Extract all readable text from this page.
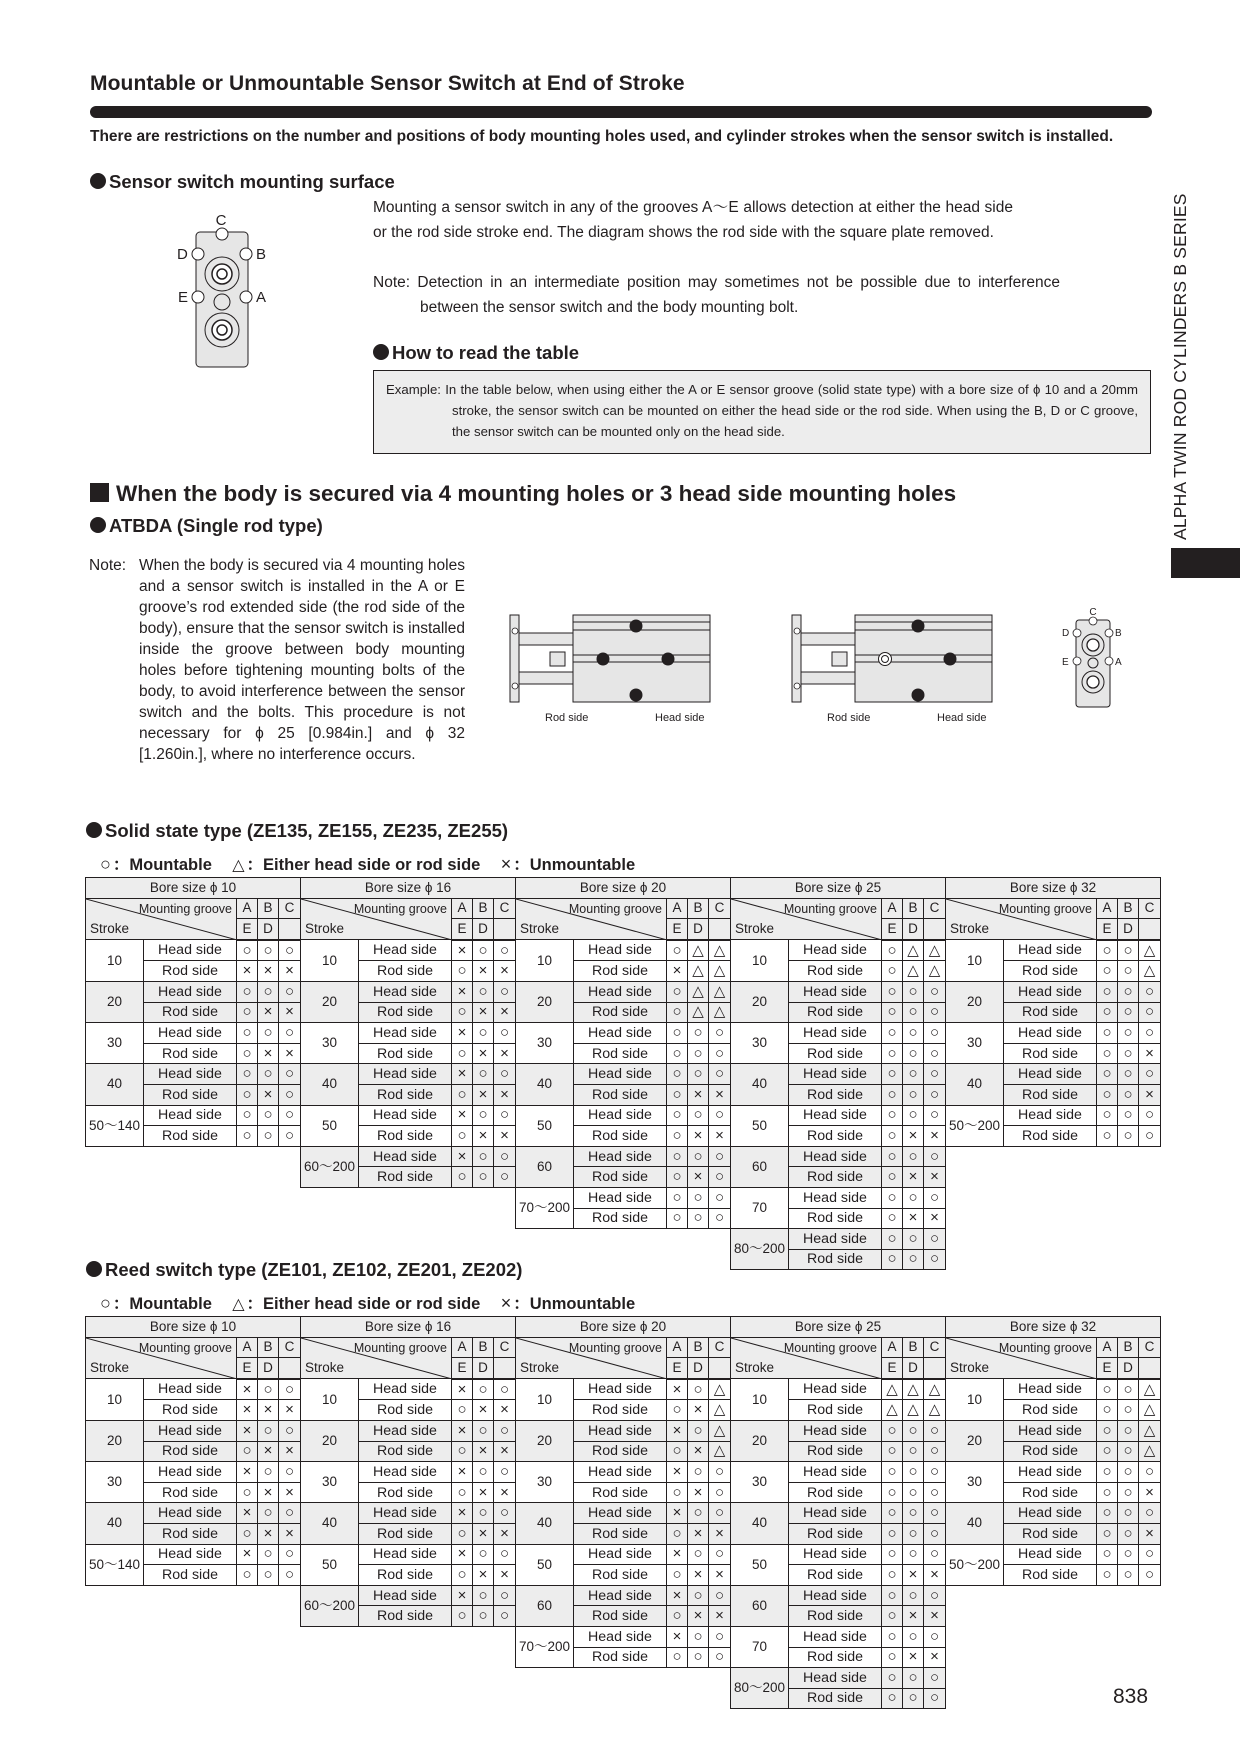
Mountable or Unmountable Sensor Switch at End of Stroke
There are restrictions on the number and positions of body mounting holes used, and cylinder strokes when the sensor switch is installed.
ALPHA TWIN ROD CYLINDERS B SERIES
Sensor switch mounting surface
C
D	B
E	A
Mounting a sensor switch in any of the grooves A～E allows detection at either the head side or the rod side stroke end. The diagram shows the rod side with the square plate removed.
Note: Detection in an intermediate position may sometimes not be possible due to interference between the sensor switch and the body mounting bolt.
How to read the table
Example: In the table below, when using either the A or E sensor groove (solid state type) with a bore size of ϕ 10 and a 20mm stroke, the sensor switch can be mounted on either the head side or the rod side. When using the B, D or C groove, the sensor switch can be mounted only on the head side.
When the body is secured via 4 mounting holes or 3 head side mounting holes
ATBDA (Single rod type)
Note: When the body is secured via 4 mounting holes and a sensor switch is installed in the A or E groove’s rod extended side (the rod side of the body), ensure that the sensor switch is installed inside the groove between body mounting holes before tightening mounting bolts of the body, to avoid interference between the sensor switch and the bolts. This procedure is not necessary for ϕ 25 [0.984in.] and ϕ 32 [1.260in.], where no interference occurs.
Rod side	Head side	Rod side	Head side
C
D	B
E	A
Solid state type (ZE135, ZE155, ZE235, ZE255)
○ ：Mountable △ ：Either head side or rod side × ：Unmountable
Bore size ϕ 10				

Mounting groove
Stroke		A	B	C
		E	D	
10	Head side	○	○	○
	Rod side	×	×	×
20	Head side	○	○	○
	Rod side	○	×	×
30	Head side	○	○	○
	Rod side	○	×	×
40	Head side	○	○	○
	Rod side	○	×	○
50～140	Head side	○	○	○
	Rod side	○	○	○
Bore size ϕ 16				

Mounting groove
Stroke		A	B	C
		E	D	
10	Head side	×	○	○
	Rod side	○	×	×
20	Head side	×	○	○
	Rod side	○	×	×
30	Head side	×	○	○
	Rod side	○	×	×
40	Head side	×	○	○
	Rod side	○	×	×
50	Head side	×	○	○
	Rod side	○	×	×
60～200	Head side	×	○	○
	Rod side	○	○	○
Bore size ϕ 20				

Mounting groove
Stroke		A	B	C
		E	D	
10	Head side	○	△	△
	Rod side	×	△	△
20	Head side	○	△	△
	Rod side	○	△	△
30	Head side	○	○	○
	Rod side	○	○	○
40	Head side	○	○	○
	Rod side	○	×	×
50	Head side	○	○	○
	Rod side	○	×	×
60	Head side	○	○	○
	Rod side	○	×	○
70～200	Head side	○	○	○
	Rod side	○	○	○
Bore size ϕ 25				

Mounting groove
Stroke		A	B	C
		E	D	
10	Head side	○	△	△
	Rod side	○	△	△
20	Head side	○	○	○
	Rod side	○	○	○
30	Head side	○	○	○
	Rod side	○	○	○
40	Head side	○	○	○
	Rod side	○	○	○
50	Head side	○	○	○
	Rod side	○	×	×
60	Head side	○	○	○
	Rod side	○	×	×
70	Head side	○	○	○
	Rod side	○	×	×
80～200	Head side	○	○	○
	Rod side	○	○	○
Bore size ϕ 32				

Mounting groove
Stroke		A	B	C
		E	D	
10	Head side	○	○	△
	Rod side	○	○	△
20	Head side	○	○	○
	Rod side	○	○	○
30	Head side	○	○	○
	Rod side	○	○	×
40	Head side	○	○	○
	Rod side	○	○	×
50～200	Head side	○	○	○
	Rod side	○	○	○
Reed switch type (ZE101, ZE102, ZE201, ZE202)
○ ：Mountable △ ：Either head side or rod side × ：Unmountable
Bore size ϕ 10				

Mounting groove
Stroke		A	B	C
		E	D	
10	Head side	×	○	○
	Rod side	×	×	×
20	Head side	×	○	○
	Rod side	○	×	×
30	Head side	×	○	○
	Rod side	○	×	×
40	Head side	×	○	○
	Rod side	○	×	×
50～140	Head side	×	○	○
	Rod side	○	○	○
Bore size ϕ 16				

Mounting groove
Stroke		A	B	C
		E	D	
10	Head side	×	○	○
	Rod side	○	×	×
20	Head side	×	○	○
	Rod side	○	×	×
30	Head side	×	○	○
	Rod side	○	×	×
40	Head side	×	○	○
	Rod side	○	×	×
50	Head side	×	○	○
	Rod side	○	×	×
60～200	Head side	×	○	○
	Rod side	○	○	○
Bore size ϕ 20				

Mounting groove
Stroke		A	B	C
		E	D	
10	Head side	×	○	△
	Rod side	○	×	△
20	Head side	×	○	△
	Rod side	○	×	△
30	Head side	×	○	○
	Rod side	○	×	○
40	Head side	×	○	○
	Rod side	○	×	×
50	Head side	×	○	○
	Rod side	○	×	×
60	Head side	×	○	○
	Rod side	○	×	×
70～200	Head side	×	○	○
	Rod side	○	○	○
Bore size ϕ 25				

Mounting groove
Stroke		A	B	C
		E	D	
10	Head side	△	△	△
	Rod side	△	△	△
20	Head side	○	○	○
	Rod side	○	○	○
30	Head side	○	○	○
	Rod side	○	○	○
40	Head side	○	○	○
	Rod side	○	○	○
50	Head side	○	○	○
	Rod side	○	×	×
60	Head side	○	○	○
	Rod side	○	×	×
70	Head side	○	○	○
	Rod side	○	×	×
80～200	Head side	○	○	○
	Rod side	○	○	○
Bore size ϕ 32				

Mounting groove
Stroke		A	B	C
		E	D	
10	Head side	○	○	△
	Rod side	○	○	△
20	Head side	○	○	△
	Rod side	○	○	△
30	Head side	○	○	○
	Rod side	○	○	×
40	Head side	○	○	○
	Rod side	○	○	×
50～200	Head side	○	○	○
	Rod side	○	○	○
838
